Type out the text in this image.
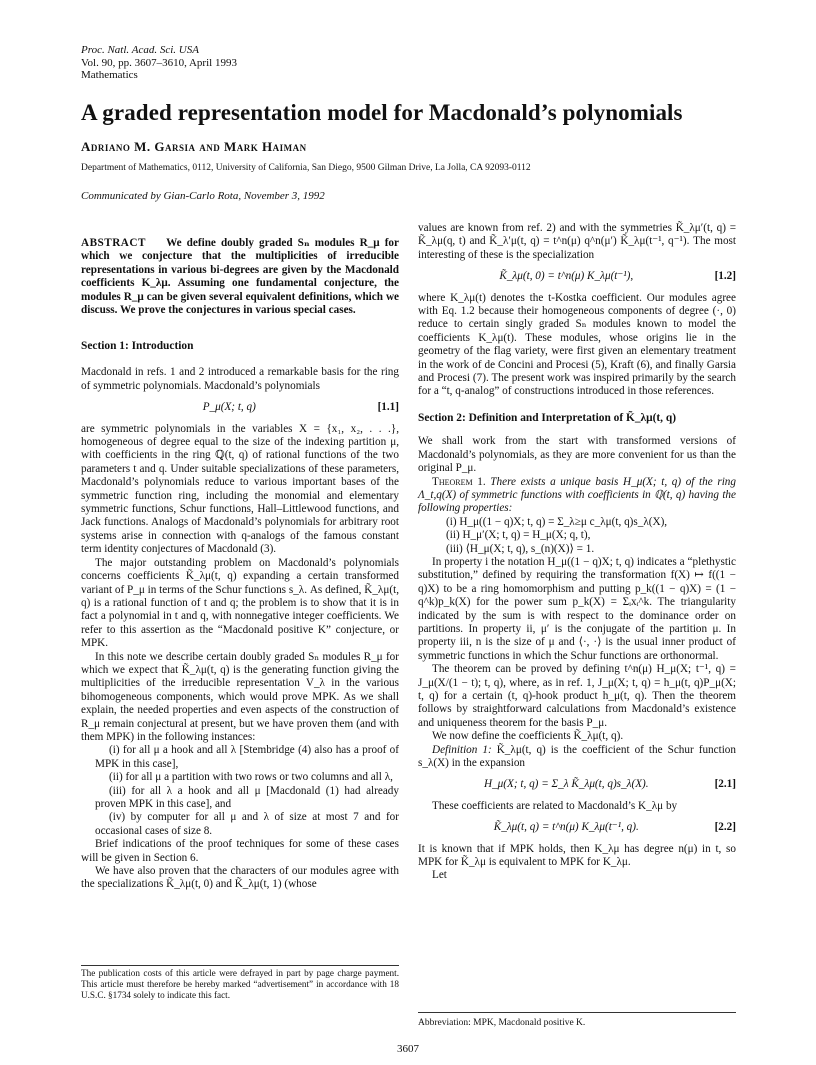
Proc. Natl. Acad. Sci. USA
Vol. 90, pp. 3607–3610, April 1993
Mathematics
A graded representation model for Macdonald’s polynomials
Adriano M. Garsia and Mark Haiman
Department of Mathematics, 0112, University of California, San Diego, 9500 Gilman Drive, La Jolla, CA 92093-0112
Communicated by Gian-Carlo Rota, November 3, 1992
ABSTRACT We define doubly graded Sₙ modules R_μ for which we conjecture that the multiplicities of irreducible representations in various bi-degrees are given by the Macdonald coefficients K_λμ. Assuming one fundamental conjecture, the modules R_μ can be given several equivalent definitions, which we discuss. We prove the conjectures in various special cases.

Section 1: Introduction

Macdonald in refs. 1 and 2 introduced a remarkable basis for the ring of symmetric polynomials. Macdonald’s polynomials

P_μ(X; t, q)	[1.1]

are symmetric polynomials in the variables X = {x₁, x₂, . . .}, homogeneous of degree equal to the size of the indexing partition μ, with coefficients in the ring ℚ(t, q) of rational functions of the two parameters t and q. Under suitable specializations of these parameters, Macdonald’s polynomials reduce to various important bases of the symmetric function ring, including the monomial and elementary symmetric functions, Schur functions, Hall–Littlewood functions, and Jack functions. Analogs of Macdonald’s polynomials for arbitrary root systems arise in connection with q-analogs of the famous constant term identity conjectures of Macdonald (3).

The major outstanding problem on Macdonald’s polynomials concerns coefficients K̃_λμ(t, q) expanding a certain transformed variant of P_μ in terms of the Schur functions s_λ. As defined, K̃_λμ(t, q) is a rational function of t and q; the problem is to show that it is in fact a polynomial in t and q, with nonnegative integer coefficients. We refer to this assertion as the “Macdonald positive K” conjecture, or MPK.

In this note we describe certain doubly graded Sₙ modules R_μ for which we expect that K̃_λμ(t, q) is the generating function giving the multiplicities of the irreducible representation V_λ in the various bihomogeneous components, which would prove MPK. As we shall explain, the needed properties and even aspects of the construction of R_μ remain conjectural at present, but we have proven them (and with them MPK) in the following instances:

(i) for all μ a hook and all λ [Stembridge (4) also has a proof of MPK in this case],

(ii) for all μ a partition with two rows or two columns and all λ,

(iii) for all λ a hook and all μ [Macdonald (1) had already proven MPK in this case], and

(iv) by computer for all μ and λ of size at most 7 and for occasional cases of size 8.

Brief indications of the proof techniques for some of these cases will be given in Section 6.

We have also proven that the characters of our modules agree with the specializations K̃_λμ(t, 0) and K̃_λμ(t, 1) (whose

values are known from ref. 2) and with the symmetries K̃_λμ′(t, q) = K̃_λμ(q, t) and K̃_λ′μ(t, q) = t^n(μ) q^n(μ′) K̃_λμ(t⁻¹, q⁻¹). The most interesting of these is the specialization

K̃_λμ(t, 0) = t^n(μ) K_λμ(t⁻¹),	[1.2]

where K_λμ(t) denotes the t-Kostka coefficient. Our modules agree with Eq. 1.2 because their homogeneous components of degree (·, 0) reduce to certain singly graded Sₙ modules known to model the coefficients K_λμ(t). These modules, whose origins lie in the geometry of the flag variety, were first given an elementary treatment in the work of de Concini and Procesi (5), Kraft (6), and finally Garsia and Procesi (7). The present work was inspired primarily by the search for a “t, q-analog” of constructions introduced in those references.

Section 2: Definition and Interpretation of K̃_λμ(t, q)

We shall work from the start with transformed versions of Macdonald’s polynomials, as they are more convenient for us than the original P_μ.

Theorem 1. There exists a unique basis H_μ(X; t, q) of the ring Λ_t,q(X) of symmetric functions with coefficients in ℚ(t, q) having the following properties:

(i) H_μ((1 − q)X; t, q) = Σ_λ≥μ c_λμ(t, q)s_λ(X),

(ii) H_μ′(X; t, q) = H_μ(X; q, t),

(iii) ⟨H_μ(X; t, q), s_(n)(X)⟩ = 1.

In property i the notation H_μ((1 − q)X; t, q) indicates a “plethystic substitution,” defined by requiring the transformation f(X) ↦ f((1 − q)X) to be a ring homomorphism and putting p_k((1 − q)X) = (1 − q^k)p_k(X) for the power sum p_k(X) = Σᵢxᵢ^k. The triangularity indicated by the sum is with respect to the dominance order on partitions. In property ii, μ′ is the conjugate of the partition μ. In property iii, n is the size of μ and ⟨·, ·⟩ is the usual inner product of symmetric functions in which the Schur functions are orthonormal.

The theorem can be proved by defining t^n(μ) H_μ(X; t⁻¹, q) = J_μ(X/(1 − t); t, q), where, as in ref. 1, J_μ(X; t, q) = h_μ(t, q)P_μ(X; t, q) for a certain (t, q)-hook product h_μ(t, q). Then the theorem follows by straightforward calculations from Macdonald’s existence and uniqueness theorem for the basis P_μ.

We now define the coefficients K̃_λμ(t, q).

Definition 1: K̃_λμ(t, q) is the coefficient of the Schur function s_λ(X) in the expansion

H_μ(X; t, q) = Σ_λ K̃_λμ(t, q)s_λ(X).	[2.1]

These coefficients are related to Macdonald’s K_λμ by

K̃_λμ(t, q) = t^n(μ) K_λμ(t⁻¹, q).	[2.2]

It is known that if MPK holds, then K_λμ has degree n(μ) in t, so MPK for K̃_λμ is equivalent to MPK for K_λμ.

Let

The publication costs of this article were defrayed in part by page charge payment. This article must therefore be hereby marked “advertisement” in accordance with 18 U.S.C. §1734 solely to indicate this fact.
Abbreviation: MPK, Macdonald positive K.
3607
